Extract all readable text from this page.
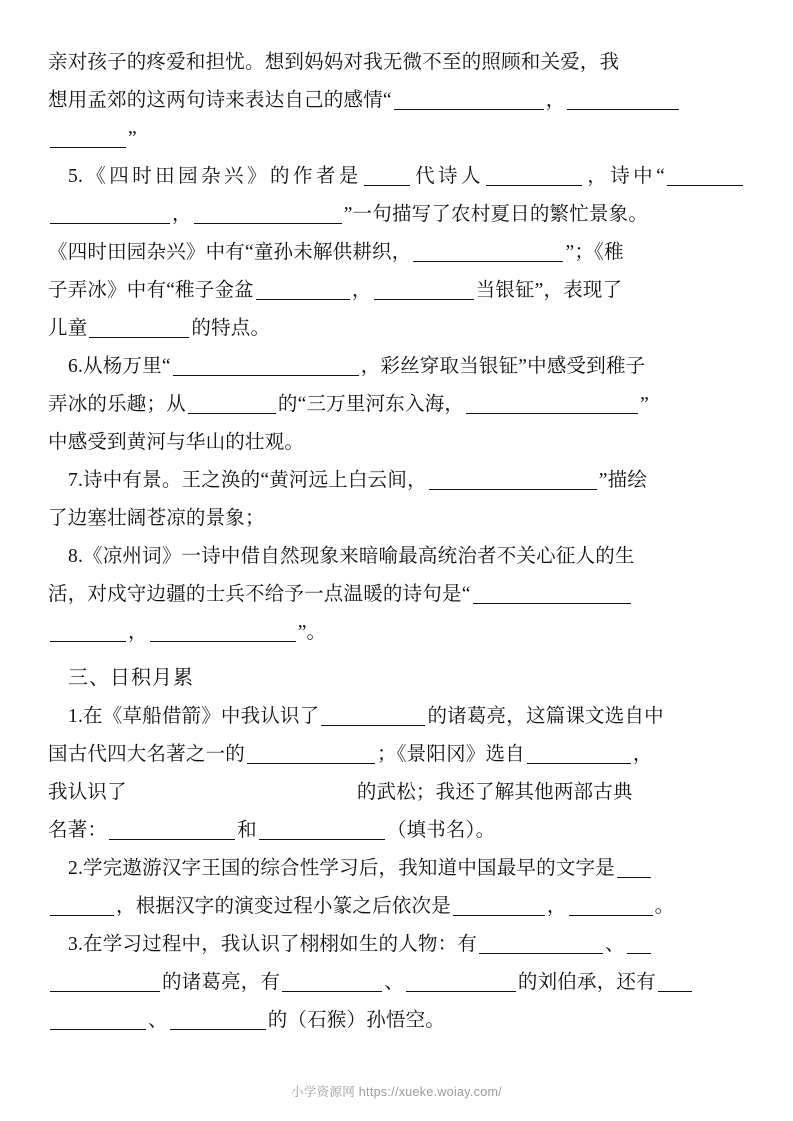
亲对孩子的疼爱和担忧。想到妈妈对我无微不至的照顾和关爱，我

想用孟郊的这两句诗来表达自己的感情“	，

”

5.《四时田园杂兴》的作者是	代诗人	，诗中“，	”一句描写了农村夏日的繁忙景象。

《四时田园杂兴》中有“童孙未解供耕织，	”；《稚

子弄冰》中有“稚子金盆	，	当银钲”，表现了

儿童	的特点。

6.从杨万里“	，彩丝穿取当银钲”中感受到稚子

弄冰的乐趣；从	的“三万里河东入海，	”

中感受到黄河与华山的壮观。

7.诗中有景。王之涣的“黄河远上白云间，	”描绘

了边塞壮阔苍凉的景象；

8.《凉州词》一诗中借自然现象来暗喻最高统治者不关心征人的生

活，对戍守边疆的士兵不给予一点温暖的诗句是“

，	”。

三、日积月累

1.在《草船借箭》中我认识了	的诸葛亮，这篇课文选自中

国古代四大名著之一的	；《景阳冈》选自	，

我认识了	的武松；我还了解其他两部古典

名著：	和	（填书名）。

2.学完遨游汉字王国的综合性学习后，我知道中国最早的文字是

，根据汉字的演变过程小篆之后依次是	，	。

3.在学习过程中，我认识了栩栩如生的人物：有	、

的诸葛亮，有	、	的刘伯承，还有

、	的（石猴）孙悟空。

小学资源网 https://xueke.woiay.com/
